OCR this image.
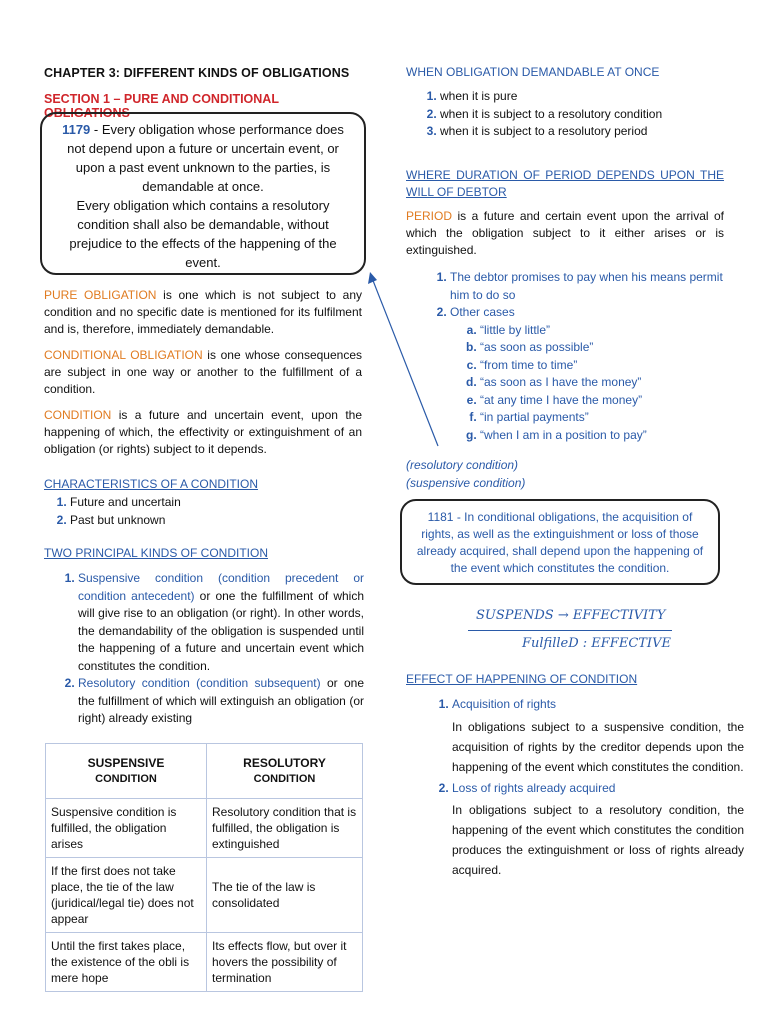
CHAPTER 3: DIFFERENT KINDS OF OBLIGATIONS
SECTION 1 – PURE AND CONDITIONAL OBLIGATIONS
1179 - Every obligation whose performance does not depend upon a future or uncertain event, or upon a past event unknown to the parties, is demandable at once.
Every obligation which contains a resolutory condition shall also be demandable, without prejudice to the effects of the happening of the event.
PURE OBLIGATION is one which is not subject to any condition and no specific date is mentioned for its fulfilment and is, therefore, immediately demandable.
CONDITIONAL OBLIGATION is one whose consequences are subject in one way or another to the fulfillment of a condition.
CONDITION is a future and uncertain event, upon the happening of which, the effectivity or extinguishment of an obligation (or rights) subject to it depends.
CHARACTERISTICS OF A CONDITION
1. Future and uncertain
2. Past but unknown
TWO PRINCIPAL KINDS OF CONDITION
1. Suspensive condition (condition precedent or condition antecedent) or one the fulfillment of which will give rise to an obligation (or right). In other words, the demandability of the obligation is suspended until the happening of a future and uncertain event which constitutes the condition.
2. Resolutory condition (condition subsequent) or one the fulfillment of which will extinguish an obligation (or right) already existing
SUSPENSIVE
CONDITION	RESOLUTORY
CONDITION

Suspensive condition is fulfilled, the obligation arises	Resolutory condition that is fulfilled, the obligation is extinguished
If the first does not take place, the tie of the law (juridical/legal tie) does not appear	The tie of the law is consolidated
Until the first takes place, the existence of the obli is mere hope	Its effects flow, but over it hovers the possibility of termination
WHEN OBLIGATION DEMANDABLE AT ONCE
1. when it is pure
2. when it is subject to a resolutory condition
3. when it is subject to a resolutory period
WHERE DURATION OF PERIOD DEPENDS UPON THE WILL OF DEBTOR
PERIOD is a future and certain event upon the arrival of which the obligation subject to it either arises or is extinguished.
1. The debtor promises to pay when his means permit him to do so
2. Other cases
a. “little by little”
b. “as soon as possible”
c. “from time to time”
d. “as soon as I have the money”
e. “at any time I have the money”
f. “in partial payments”
g. “when I am in a position to pay”
(resolutory condition)
(suspensive condition)
1181 - In conditional obligations, the acquisition of rights, as well as the extinguishment or loss of those already acquired, shall depend upon the happening of the event which constitutes the condition.
SUSPENDS → EFFECTIVITY
FulfilleD : EFFECTIVE
EFFECT OF HAPPENING OF CONDITION
1. Acquisition of rights
In obligations subject to a suspensive condition, the acquisition of rights by the creditor depends upon the happening of the event which constitutes the condition.
2. Loss of rights already acquired
In obligations subject to a resolutory condition, the happening of the event which constitutes the condition produces the extinguishment or loss of rights already acquired.
